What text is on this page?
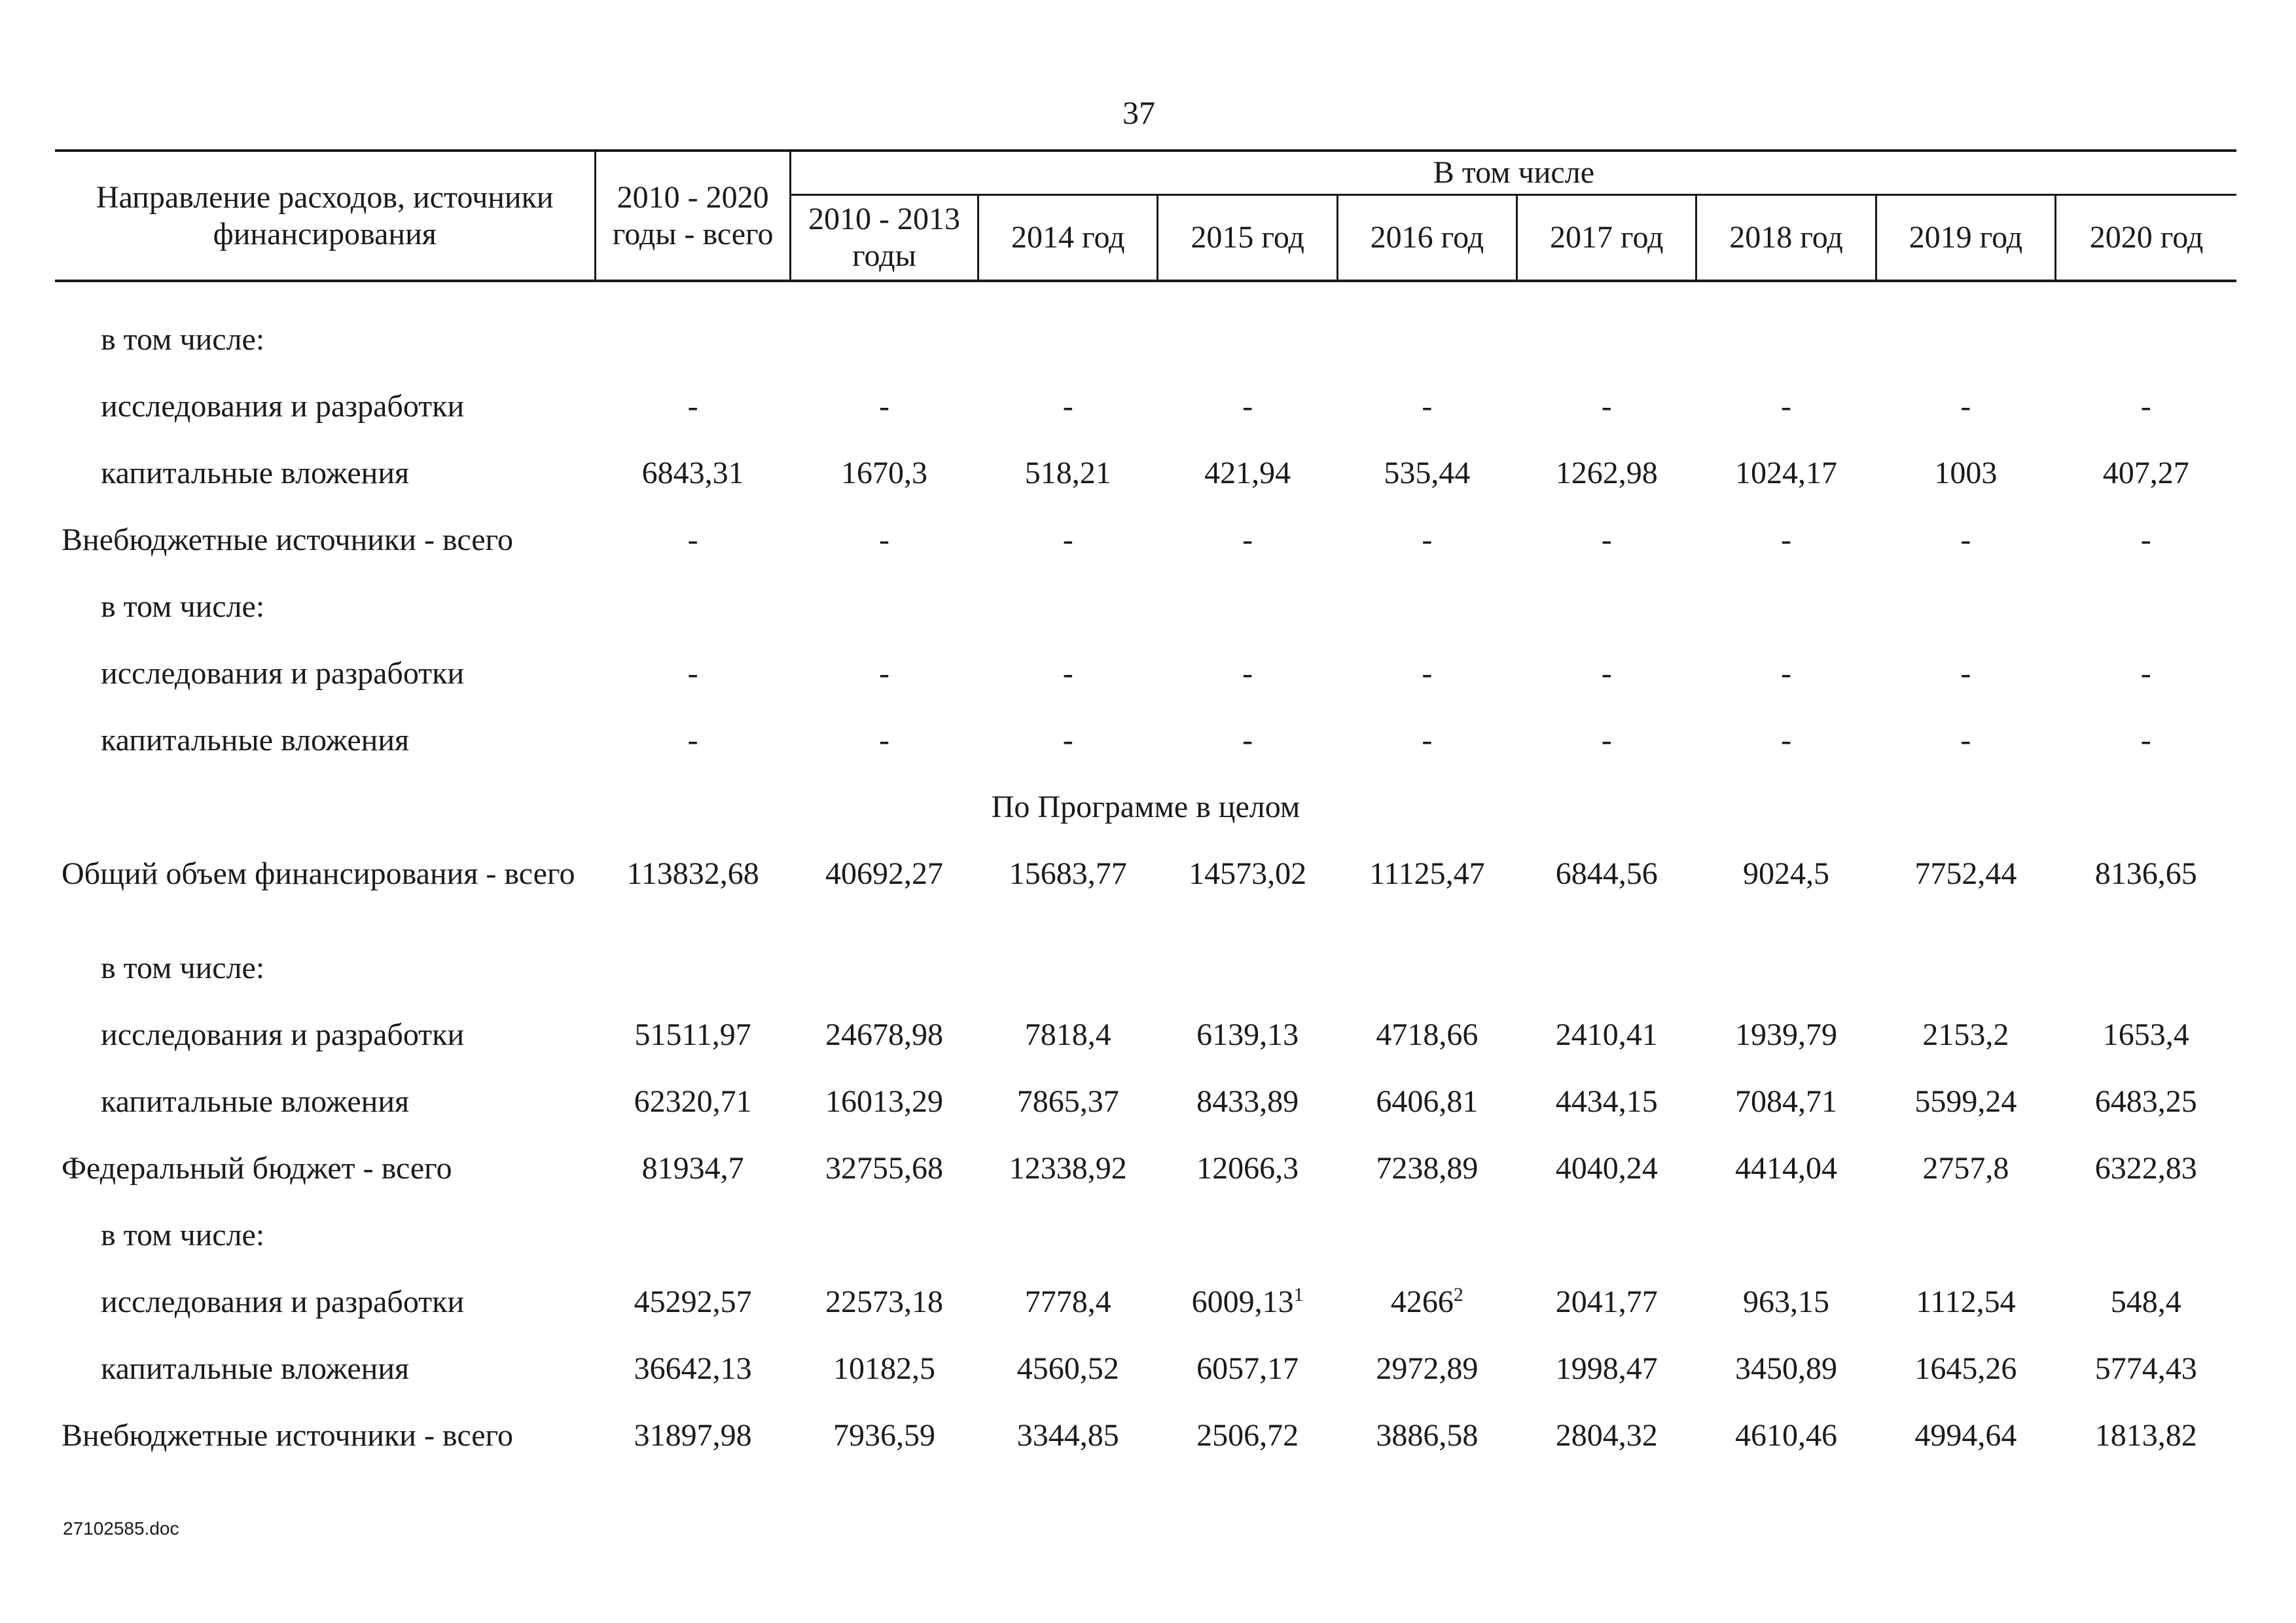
37
Направление расходов, источники финансирования	2010 - 2020 годы - всего	В том числе							
		2010 - 2013 годы	2014 год	2015 год	2016 год	2017 год	2018 год	2019 год	2020 год

в том числе:									
исследования и разработки	-	-	-	-	-	-	-	-	-
капитальные вложения	6843,31	1670,3	518,21	421,94	535,44	1262,98	1024,17	1003	407,27
Внебюджетные источники - всего	-	-	-	-	-	-	-	-	-
в том числе:									
исследования и разработки	-	-	-	-	-	-	-	-	-
капитальные вложения	-	-	-	-	-	-	-	-	-
По Программе в целом									
Общий объем финансирования - всего	113832,68	40692,27	15683,77	14573,02	11125,47	6844,56	9024,5	7752,44	8136,65
в том числе:									
исследования и разработки	51511,97	24678,98	7818,4	6139,13	4718,66	2410,41	1939,79	2153,2	1653,4
капитальные вложения	62320,71	16013,29	7865,37	8433,89	6406,81	4434,15	7084,71	5599,24	6483,25
Федеральный бюджет - всего	81934,7	32755,68	12338,92	12066,3	7238,89	4040,24	4414,04	2757,8	6322,83
в том числе:									
исследования и разработки	45292,57	22573,18	7778,4	6009,13$^1$	4266$^2$	2041,77	963,15	1112,54	548,4
капитальные вложения	36642,13	10182,5	4560,52	6057,17	2972,89	1998,47	3450,89	1645,26	5774,43
Внебюджетные источники - всего	31897,98	7936,59	3344,85	2506,72	3886,58	2804,32	4610,46	4994,64	1813,82
27102585.doc
